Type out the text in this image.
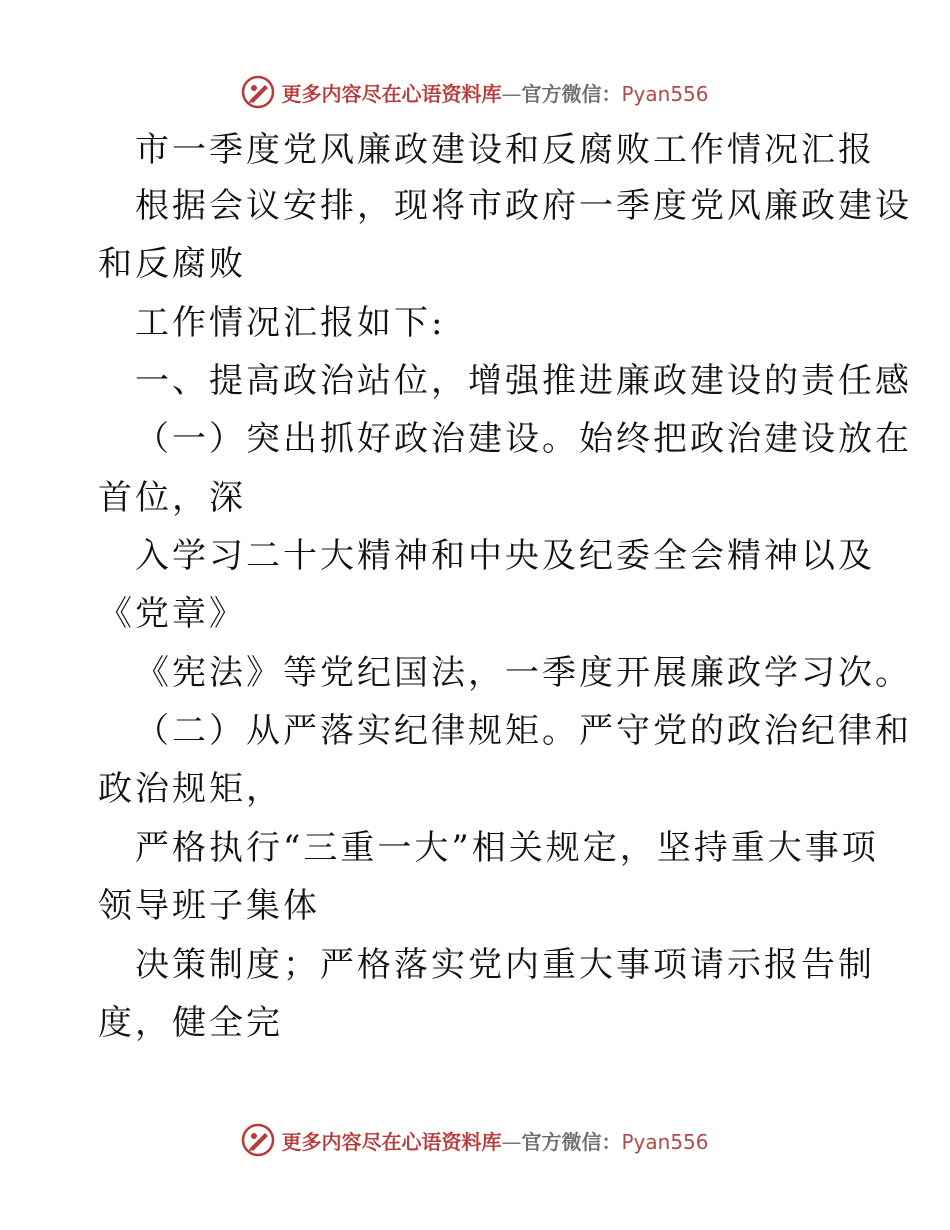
更多内容尽在心语资料库—官方微信：Pyan556
市一季度党风廉政建设和反腐败工作情况汇报
根据会议安排，现将市政府一季度党风廉政建设
和反腐败
工作情况汇报如下:
一、提高政治站位，增强推进廉政建设的责任感
（一）突出抓好政治建设。始终把政治建设放在
首位，深
入学习二十大精神和中央及纪委全会精神以及
《党章》
《宪法》等党纪国法，一季度开展廉政学习次。
（二）从严落实纪律规矩。严守党的政治纪律和
政治规矩，
严格执行“三重一大”相关规定，坚持重大事项
领导班子集体
决策制度；严格落实党内重大事项请示报告制
度，健全完
更多内容尽在心语资料库—官方微信：Pyan556
